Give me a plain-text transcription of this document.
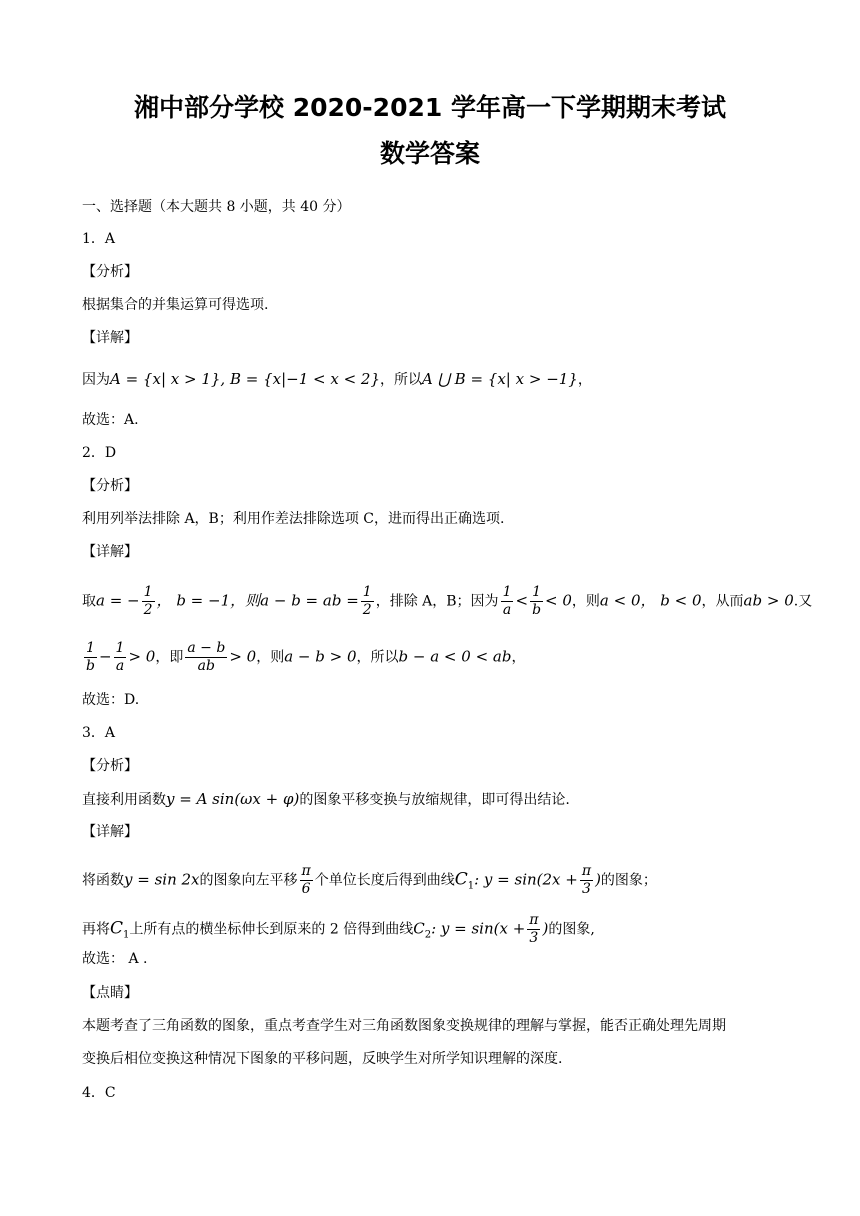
湘中部分学校 2020-2021 学年高一下学期期末考试
数学答案
一、选择题（本大题共 8 小题，共 40 分）
1．A
【分析】
根据集合的并集运算可得选项.
【详解】
因为A = {x| x > 1}, B = {x|−1 < x < 2}，所以A ⋃ B = {x| x > −1}，
故选：A.
2．D
【分析】
利用列举法排除 A，B；利用作差法排除选项 C，进而得出正确选项.
【详解】
取a = − $\frac{1}{2}$ ， b = −1，则a − b = ab = $\frac{1}{2}$ ，排除 A，B；因为 $\frac{1}{a} < \frac{1}{b} < 0$，则a < 0， b < 0，从而ab > 0.又
$\frac{1}{b} - \frac{1}{a} > 0$，即 $\frac{a - b}{ab} > 0$，则a − b > 0，所以b − a < 0 < ab，
故选：D.
3．A
【分析】
直接利用函数y = A sin(ωx + φ)的图象平移变换与放缩规律，即可得出结论.
【详解】
将函数y = sin 2x的图象向左平移 $\frac{\pi}{6}$ 个单位长度后得到曲线$C_1$: $y = \sin(2x + \frac{\pi}{3}$ )的图象；
再将$C_1$上所有点的横坐标伸长到原来的 2 倍得到曲线$C_2$: $y = \sin(x + \frac{\pi}{3}$ )的图象,
故选： A .
【点睛】
本题考查了三角函数的图象，重点考查学生对三角函数图象变换规律的理解与掌握，能否正确处理先周期
变换后相位变换这种情况下图象的平移问题，反映学生对所学知识理解的深度.
4．C
